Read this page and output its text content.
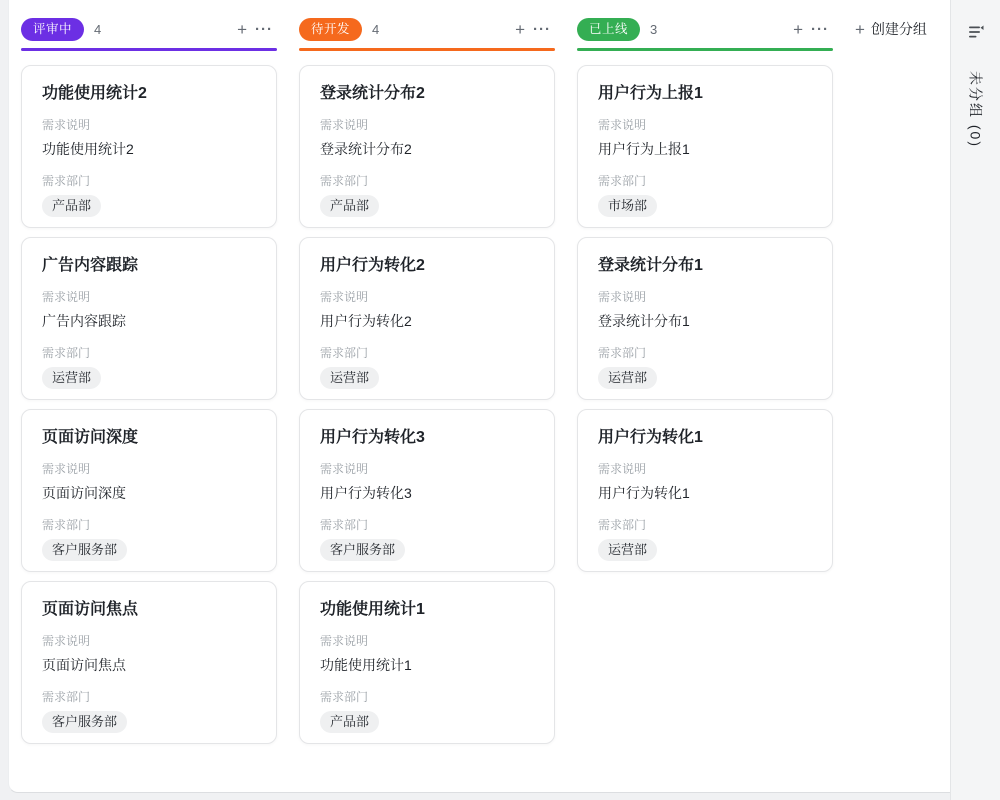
评审中	4	+ ···
功能使用统计2
需求说明
功能使用统计2
需求部门
产品部
广告内容跟踪
需求说明
广告内容跟踪
需求部门
运营部
页面访问深度
需求说明
页面访问深度
需求部门
客户服务部
页面访问焦点
需求说明
页面访问焦点
需求部门
客户服务部
待开发	4	+ ···
登录统计分布2
需求说明
登录统计分布2
需求部门
产品部
用户行为转化2
需求说明
用户行为转化2
需求部门
运营部
用户行为转化3
需求说明
用户行为转化3
需求部门
客户服务部
功能使用统计1
需求说明
功能使用统计1
需求部门
产品部
已上线	3	+ ···
用户行为上报1
需求说明
用户行为上报1
需求部门
市场部
登录统计分布1
需求说明
登录统计分布1
需求部门
运营部
用户行为转化1
需求说明
用户行为转化1
需求部门
运营部
+ 创建分组
未分组 (0)
